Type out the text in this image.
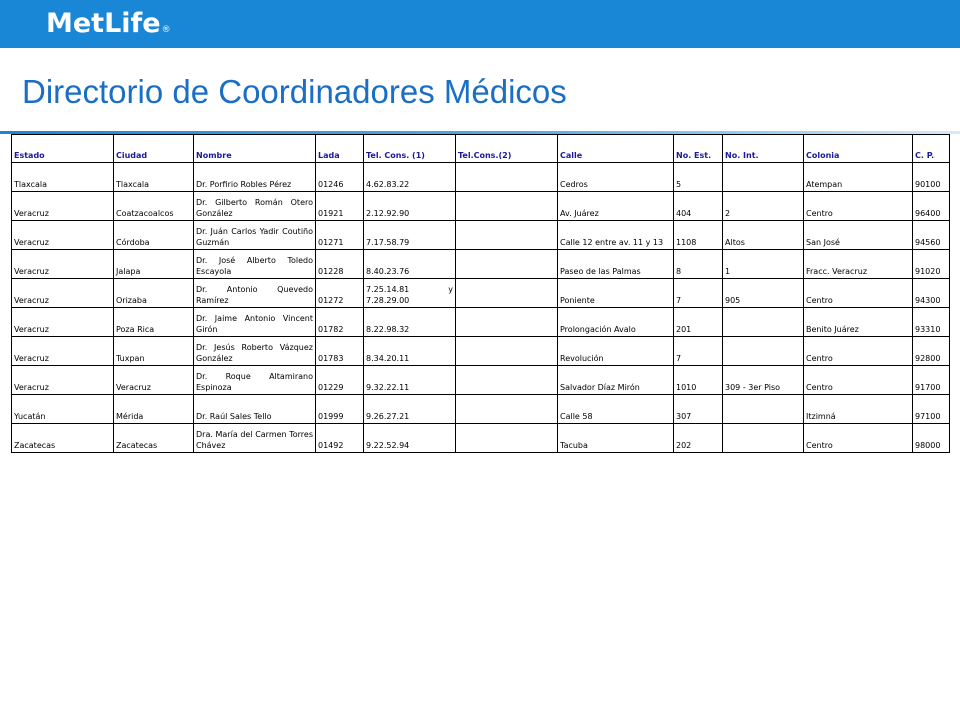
MetLife®
Directorio de Coordinadores Médicos
Estado	Ciudad	Nombre	Lada	Tel. Cons. (1)	Tel.Cons.(2)	Calle	No. Est.	No. Int.	Colonia	C. P.
Tlaxcala	Tlaxcala	Dr. Porfirio Robles Pérez	01246	4.62.83.22		Cedros	5		Atempan	90100
Veracruz	Coatzacoalcos	Dr. Gilberto Román Otero González	01921	2.12.92.90		Av. Juárez	404	2	Centro	96400
Veracruz	Córdoba	Dr. Juán Carlos Yadir Coutiño Guzmán	01271	7.17.58.79		Calle 12 entre av. 11 y 13	1108	Altos	San José	94560
Veracruz	Jalapa	Dr. José Alberto Toledo Escayola	01228	8.40.23.76		Paseo de las Palmas	8	1	Fracc. Veracruz	91020
Veracruz	Orizaba	Dr. Antonio Quevedo Ramírez	01272	7.25.14.81 y 7.28.29.00		Poniente	7	905	Centro	94300
Veracruz	Poza Rica	Dr. Jaime Antonio Vincent Girón	01782	8.22.98.32		Prolongación Avalo	201		Benito Juárez	93310
Veracruz	Tuxpan	Dr. Jesús Roberto Vázquez González	01783	8.34.20.11		Revolución	7		Centro	92800
Veracruz	Veracruz	Dr. Roque Altamirano Espinoza	01229	9.32.22.11		Salvador Díaz Mirón	1010	309 - 3er Piso	Centro	91700
Yucatán	Mérida	Dr. Raúl Sales Tello	01999	9.26.27.21		Calle 58	307		Itzimná	97100
Zacatecas	Zacatecas	Dra. María del Carmen Torres Chávez	01492	9.22.52.94		Tacuba	202		Centro	98000
